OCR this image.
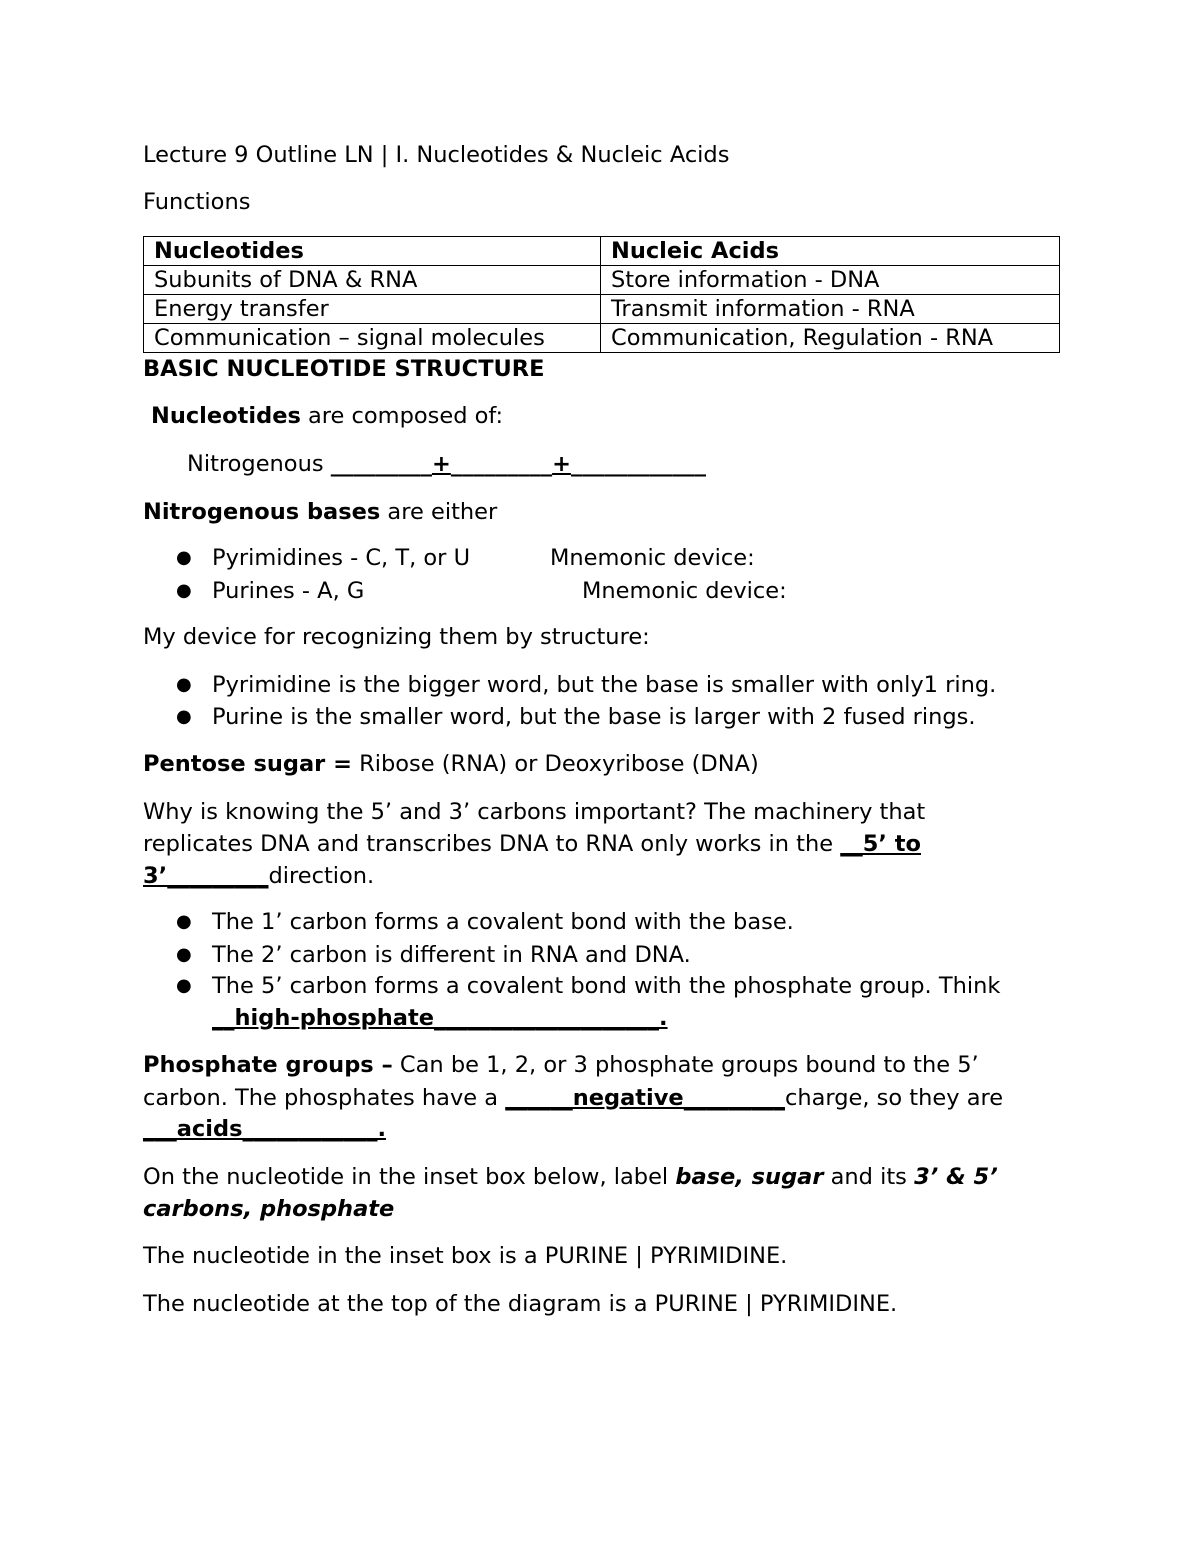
Lecture 9 Outline LN | I. Nucleotides & Nucleic Acids
Functions
Nucleotides	Nucleic Acids
Subunits of DNA & RNA	Store information - DNA
Energy transfer	Transmit information - RNA
Communication – signal molecules	Communication, Regulation - RNA
BASIC NUCLEOTIDE STRUCTURE
Nucleotides are composed of:
Nitrogenous _________+_________+____________
Nitrogenous bases are either
● Pyrimidines - C, T, or U	Mnemonic device:
● Purines - A, G	Mnemonic device:
My device for recognizing them by structure:
● Pyrimidine is the bigger word, but the base is smaller with only1 ring.
● Purine is the smaller word, but the base is larger with 2 fused rings.
Pentose sugar = Ribose (RNA) or Deoxyribose (DNA)
Why is knowing the 5’ and 3’ carbons important? The machinery that
replicates DNA and transcribes DNA to RNA only works in the __5’ to
3’_________direction.
● The 1’ carbon forms a covalent bond with the base.
● The 2’ carbon is different in RNA and DNA.
● The 5’ carbon forms a covalent bond with the phosphate group. Think
__high-phosphate____________________.
Phosphate groups – Can be 1, 2, or 3 phosphate groups bound to the 5’
carbon. The phosphates have a ______negative_________charge, so they are
___acids____________.
On the nucleotide in the inset box below, label base, sugar and its 3’ & 5’
carbons, phosphate
The nucleotide in the inset box is a PURINE | PYRIMIDINE.
The nucleotide at the top of the diagram is a PURINE | PYRIMIDINE.
